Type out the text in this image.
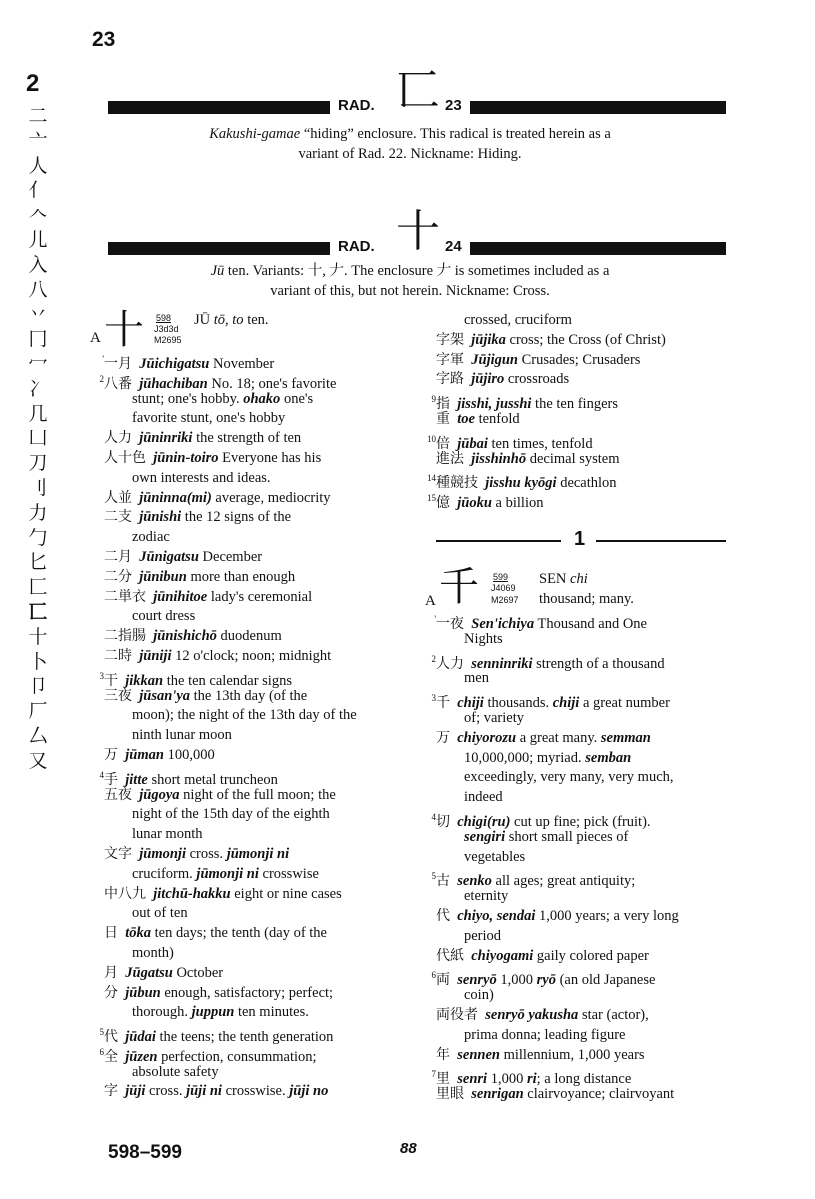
23
2
二
亠
人
亻
𠆢
儿
入
八
丷
冂
冖
冫
几
凵
刀
刂
力
勹
匕
匚
匸
十
卜
卩
厂
厶
又
RAD. 匸 23
Kakushi-gamae “hiding” enclosure. This radical is treated herein as a
variant of Rad. 22. Nickname: Hiding.
RAD. 十 24
Jū ten. Variants: 十, 𠂇. The enclosure 𠂇 is sometimes included as a
variant of this, but not herein. Nickname: Cross.
A 十 598
J3d3d
M2695
JŪ tō, to ten.
'一月 Jūichigatsu November
$^2$八番 jūhachiban No. 18; one's favorite
stunt; one's hobby. ohako one's
favorite stunt, one's hobby
人力 jūninriki the strength of ten
人十色 jūnin-toiro Everyone has his
own interests and ideas.
人並 jūninna(mi) average, mediocrity
二支 jūnishi the 12 signs of the
zodiac
二月 Jūnigatsu December
二分 jūnibun more than enough
二単衣 jūnihitoe lady's ceremonial
court dress
二指腸 jūnishichō duodenum
二時 jūniji 12 o'clock; noon; midnight
$^3$干 jikkan the ten calendar signs
三夜 jūsan'ya the 13th day (of the
moon); the night of the 13th day of the
ninth lunar moon
万 jūman 100,000
$^4$手 jitte short metal truncheon
五夜 jūgoya night of the full moon; the
night of the 15th day of the eighth
lunar month
文字 jūmonji cross. jūmonji ni
cruciform. jūmonji ni crosswise
中八九 jitchū-hakku eight or nine cases
out of ten
日 tōka ten days; the tenth (day of the
month)
月 Jūgatsu October
分 jūbun enough, satisfactory; perfect;
thorough. juppun ten minutes.
$^5$代 jūdai the teens; the tenth generation
$^6$全 jūzen perfection, consummation;
absolute safety
字 jūji cross. jūji ni crosswise. jūji no
crossed, cruciform
字架 jūjika cross; the Cross (of Christ)
字軍 Jūjigun Crusades; Crusaders
字路 jūjiro crossroads
$^9$指 jisshi, jusshi the ten fingers
重 toe tenfold
$^{10}$倍 jūbai ten times, tenfold
進法 jisshinhō decimal system
$^{14}$種競技 jisshu kyōgi decathlon
$^{15}$億 jūoku a billion
1
A 千 599
J4069
M2697
SEN chi
thousand; many.
'一夜 Sen'ichiya Thousand and One
Nights
$^2$人力 senninriki strength of a thousand
men
$^3$千 chiji thousands. chiji a great number
of; variety
万 chiyorozu a great many. semman
10,000,000; myriad. semban
exceedingly, very many, very much,
indeed
$^4$切 chigi(ru) cut up fine; pick (fruit).
sengiri short small pieces of
vegetables
$^5$古 senko all ages; great antiquity;
eternity
代 chiyo, sendai 1,000 years; a very long
period
代紙 chiyogami gaily colored paper
$^6$両 senryō 1,000 ryō (an old Japanese
coin)
両役者 senryō yakusha star (actor),
prima donna; leading figure
年 sennen millennium, 1,000 years
$^7$里 senri 1,000 ri; a long distance
里眼 senrigan clairvoyance; clairvoyant
598–599	88
